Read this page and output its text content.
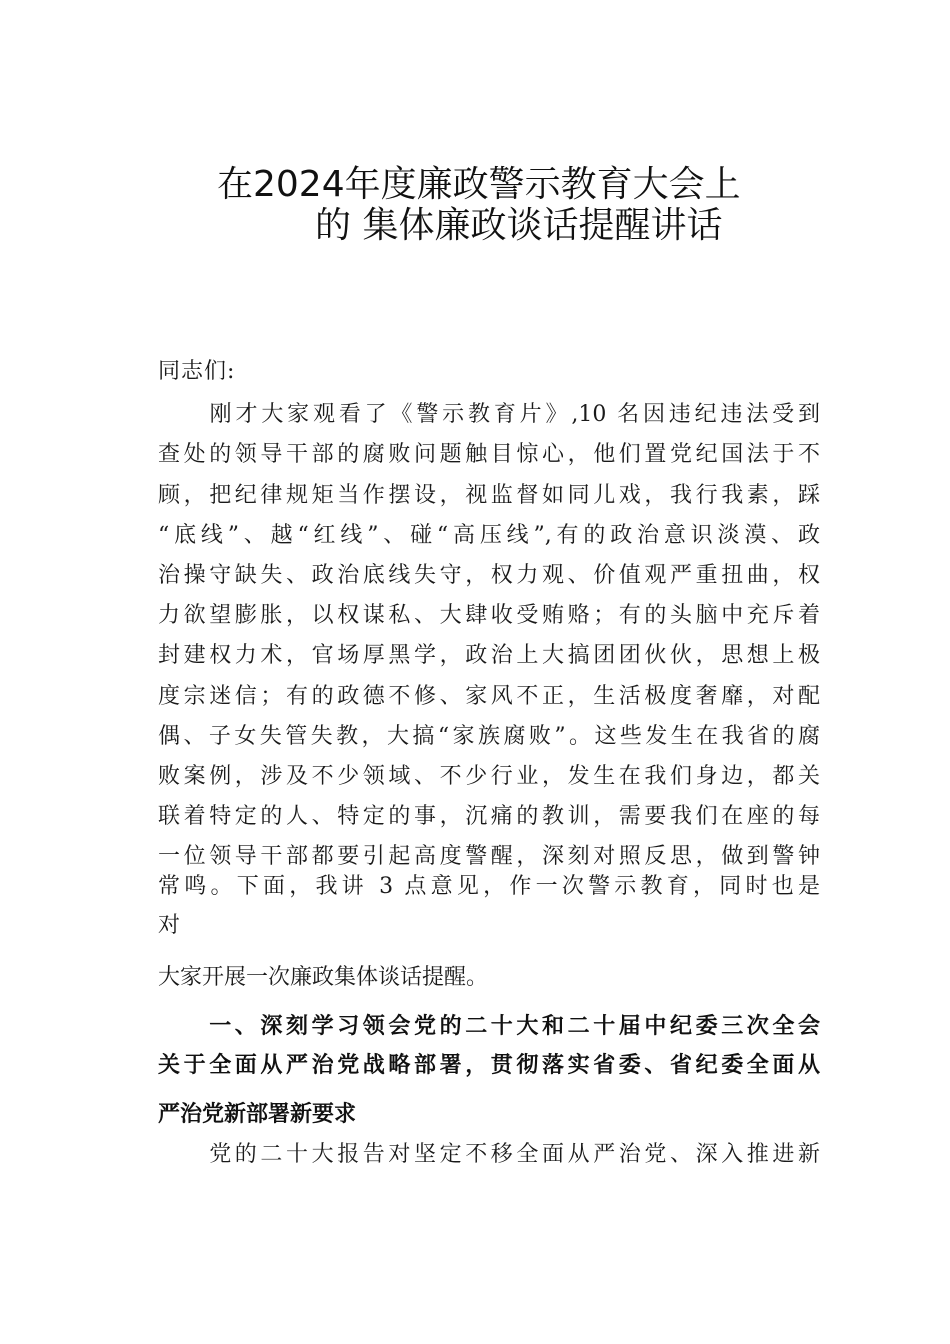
在2024年度廉政警示教育大会上
的 集体廉政谈话提醒讲话
同志们:
　　刚才大家观看了《警示教育片》,10 名因违纪违法受到
查处的领导干部的腐败问题触目惊心，他们置党纪国法于不
顾，把纪律规矩当作摆设，视监督如同儿戏，我行我素，踩
“底线”、越“红线”、碰“高压线”,有的政治意识淡漠、政
治操守缺失、政治底线失守，权力观、价值观严重扭曲，权
力欲望膨胀，以权谋私、大肆收受贿赂；有的头脑中充斥着
封建权力术，官场厚黑学，政治上大搞团团伙伙，思想上极
度宗迷信；有的政德不修、家风不正，生活极度奢靡，对配
偶、子女失管失教，大搞“家族腐败”。这些发生在我省的腐
败案例，涉及不少领域、不少行业，发生在我们身边，都关
联着特定的人、特定的事，沉痛的教训，需要我们在座的每
一位领导干部都要引起高度警醒，深刻对照反思，做到警钟
常鸣。下面，我讲 3 点意见，作一次警示教育，同时也是
对
大家开展一次廉政集体谈话提醒。
　　一、深刻学习领会党的二十大和二十届中纪委三次全会
关于全面从严治党战略部署，贯彻落实省委、省纪委全面从
严治党新部署新要求
　　党的二十大报告对坚定不移全面从严治党、深入推进新
